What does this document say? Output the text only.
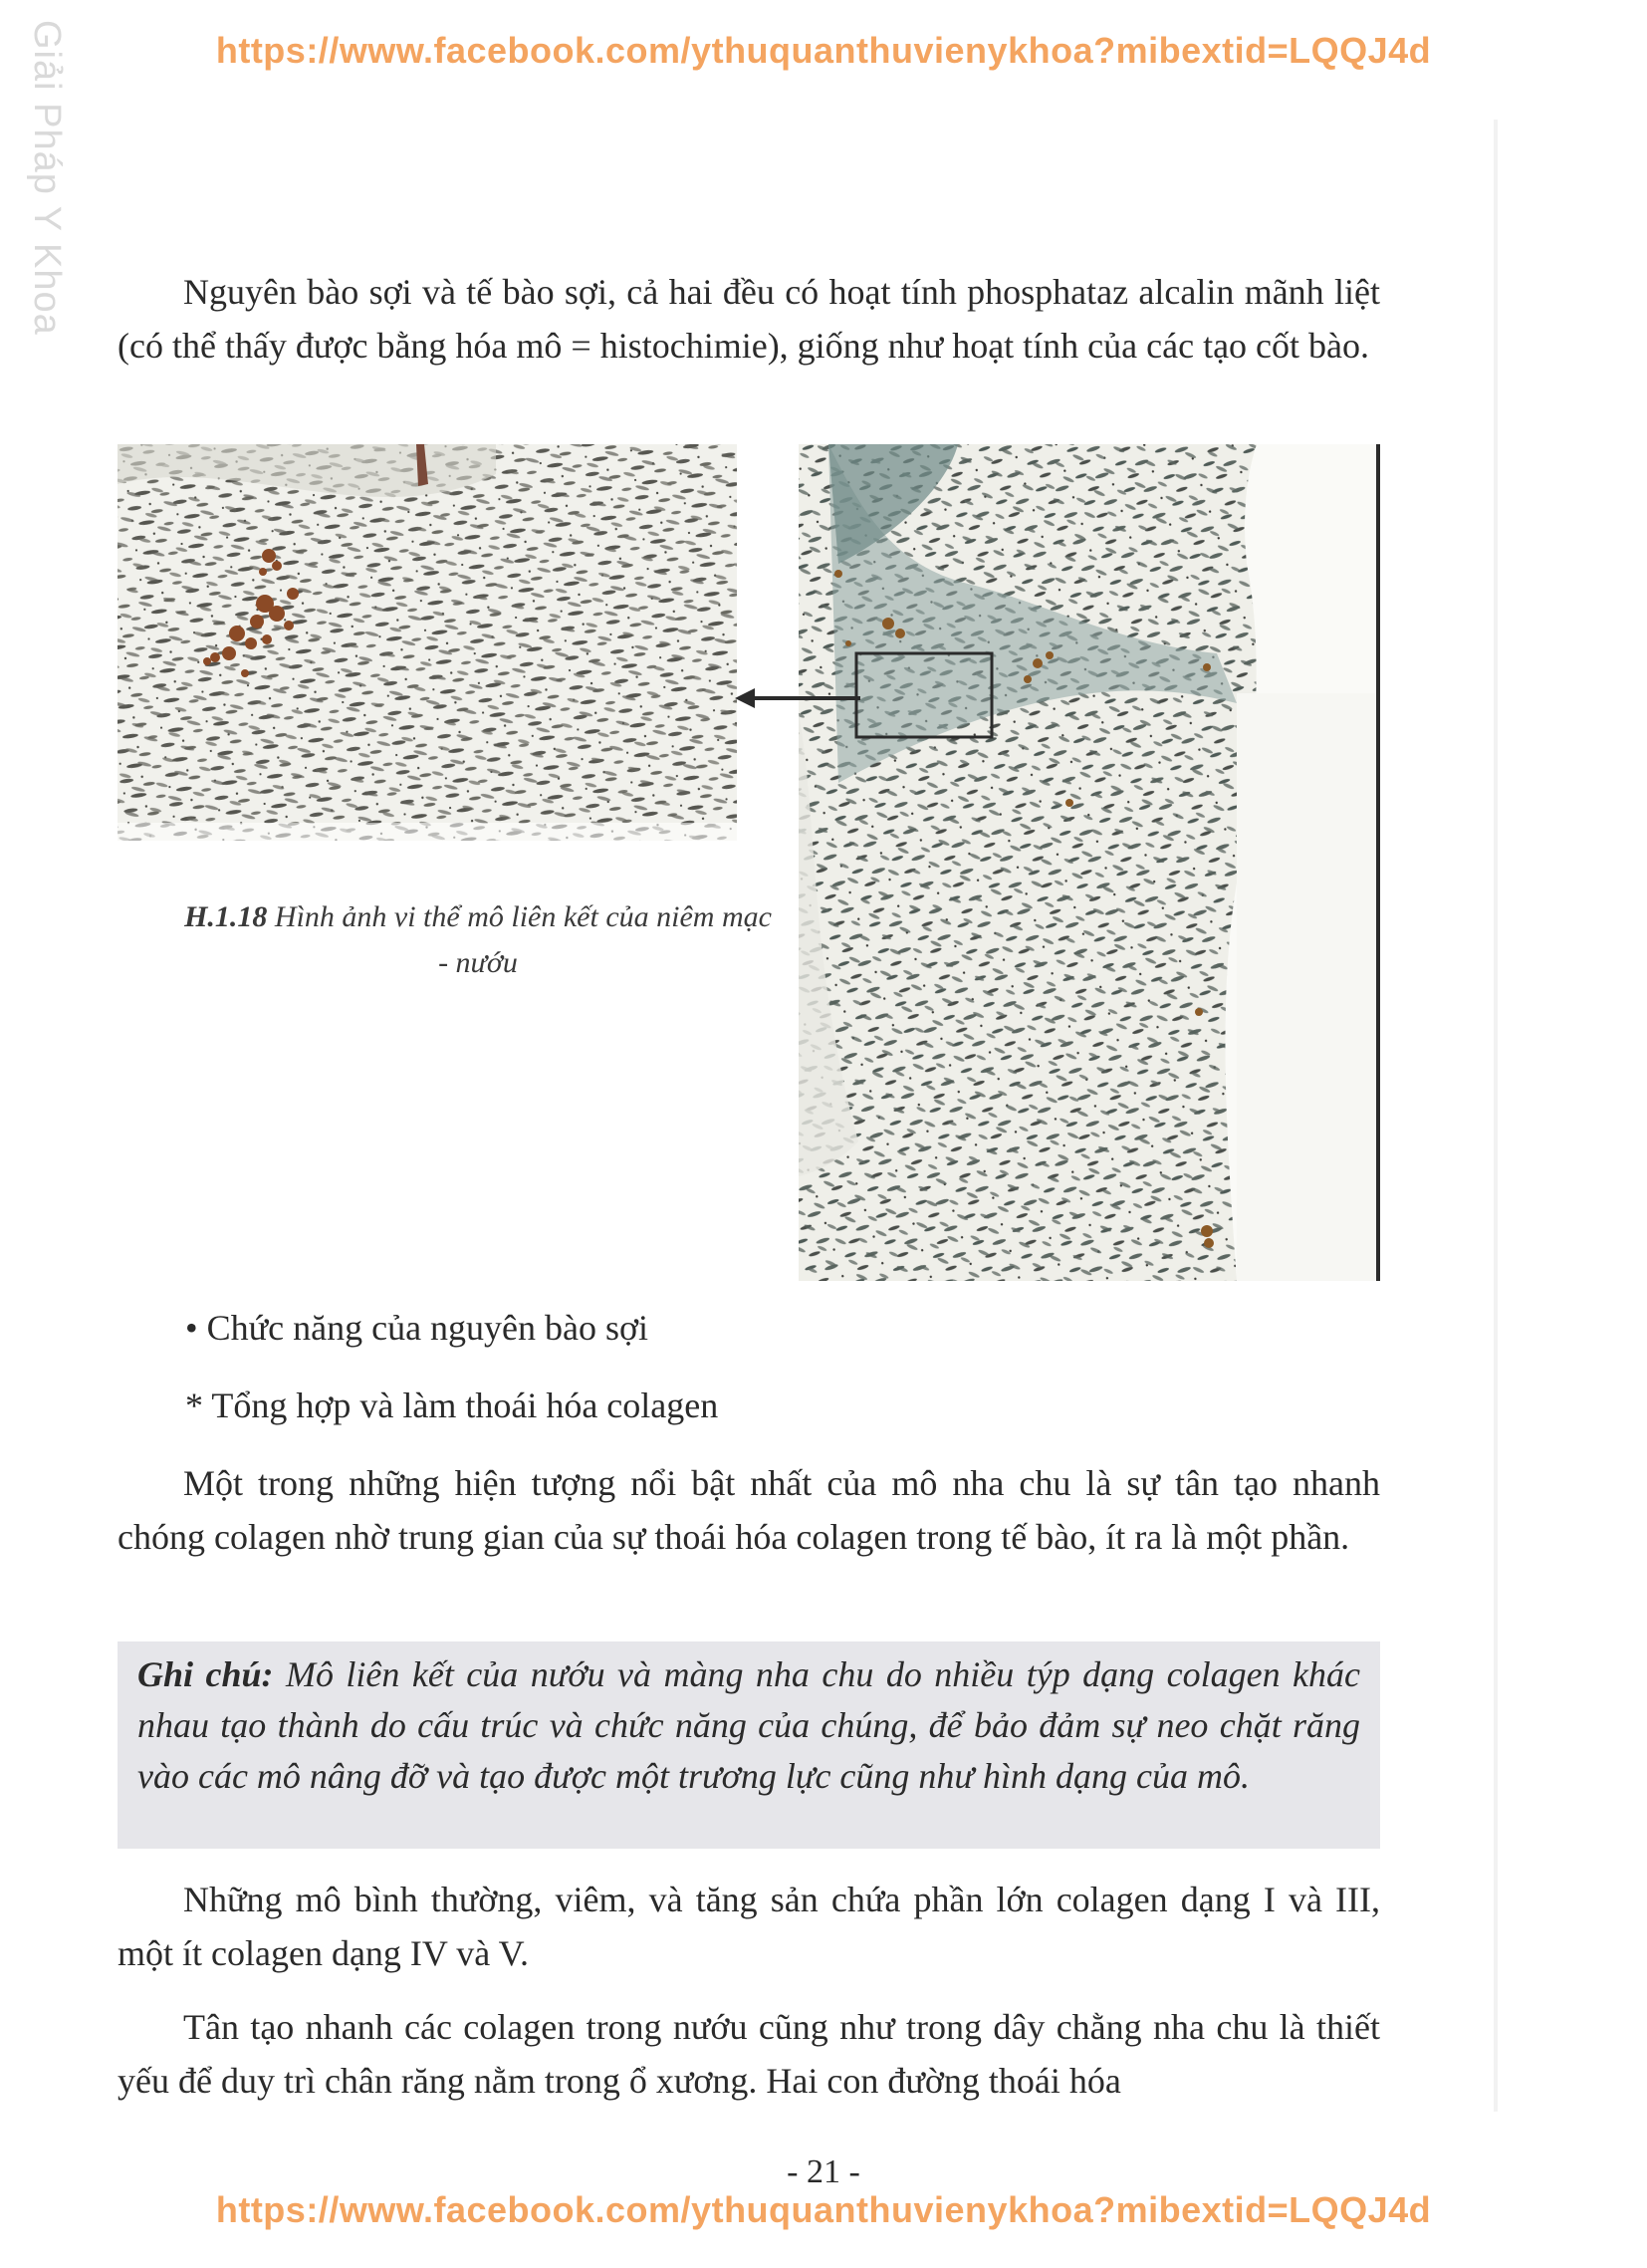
Giải Pháp Y Khoa	https://www.facebook.com/ythuquanthuvienykhoa?mibextid=LQQJ4d
Nguyên bào sợi và tế bào sợi, cả hai đều có hoạt tính phosphataz alcalin mãnh liệt (có thể thấy được bằng hóa mô = histochimie), giống như hoạt tính của các tạo cốt bào.
H.1.18 Hình ảnh vi thể mô liên kết của niêm mạc - nướu
• Chức năng của nguyên bào sợi
* Tổng hợp và làm thoái hóa colagen
Một trong những hiện tượng nổi bật nhất của mô nha chu là sự tân tạo nhanh chóng colagen nhờ trung gian của sự thoái hóa colagen trong tế bào, ít ra là một phần.
Ghi chú: Mô liên kết của nướu và màng nha chu do nhiều týp dạng colagen khác nhau tạo thành do cấu trúc và chức năng của chúng, để bảo đảm sự neo chặt răng vào các mô nâng đỡ và tạo được một trương lực cũng như hình dạng của mô.
Những mô bình thường, viêm, và tăng sản chứa phần lớn colagen dạng I và III, một ít colagen dạng IV và V.
Tân tạo nhanh các colagen trong nướu cũng như trong dây chằng nha chu là thiết yếu để duy trì chân răng nằm trong ổ xương. Hai con đường thoái hóa
- 21 -
https://www.facebook.com/ythuquanthuvienykhoa?mibextid=LQQJ4d
